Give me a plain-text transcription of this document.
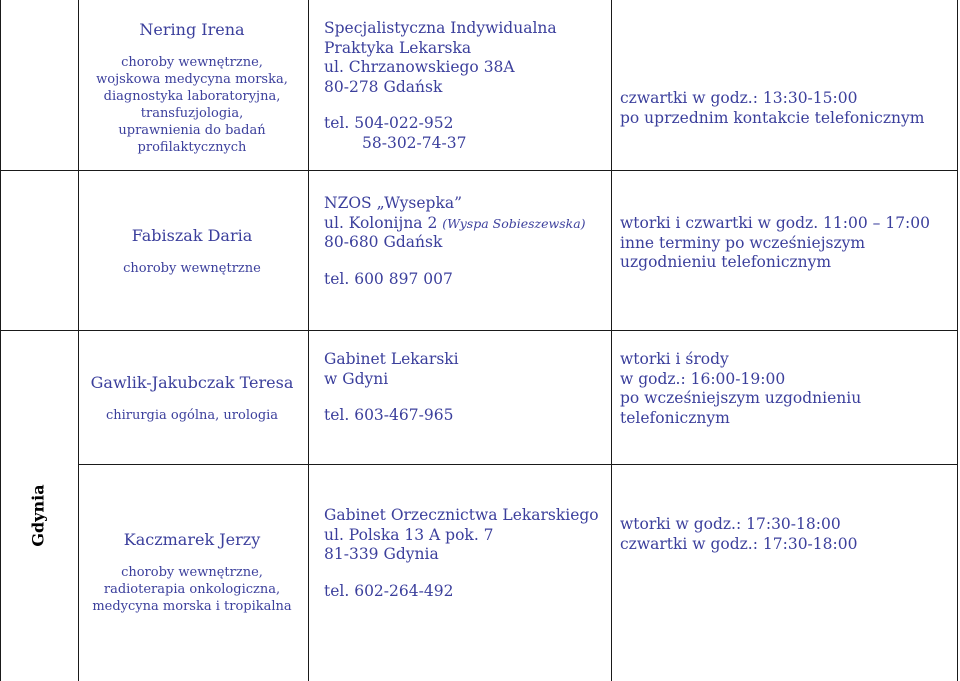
Gdynia
Nering Irena
choroby wewnętrzne,
wojskowa medycyna morska,
diagnostyka laboratoryjna,
transfuzjologia,
uprawnienia do badań
profilaktycznych
Specjalistyczna Indywidualna
Praktyka Lekarska
ul. Chrzanowskiego 38A
80-278 Gdańsk
tel. 504-022-952
58-302-74-37
czwartki w godz.: 13:30-15:00
po uprzednim kontakcie telefonicznym
Fabiszak Daria
choroby wewnętrzne
NZOS „Wysepka”
ul. Kolonijna 2 (Wyspa Sobieszewska)
80-680 Gdańsk
tel. 600 897 007
wtorki i czwartki w godz. 11:00 – 17:00
inne terminy po wcześniejszym
uzgodnieniu telefonicznym
Gawlik-Jakubczak Teresa
chirurgia ogólna, urologia
Gabinet Lekarski
w Gdyni
tel. 603-467-965
wtorki i środy
w godz.: 16:00-19:00
po wcześniejszym uzgodnieniu
telefonicznym
Kaczmarek Jerzy
choroby wewnętrzne,
radioterapia onkologiczna,
medycyna morska i tropikalna
Gabinet Orzecznictwa Lekarskiego
ul. Polska 13 A pok. 7
81-339 Gdynia
tel. 602-264-492
wtorki w godz.: 17:30-18:00
czwartki w godz.: 17:30-18:00
